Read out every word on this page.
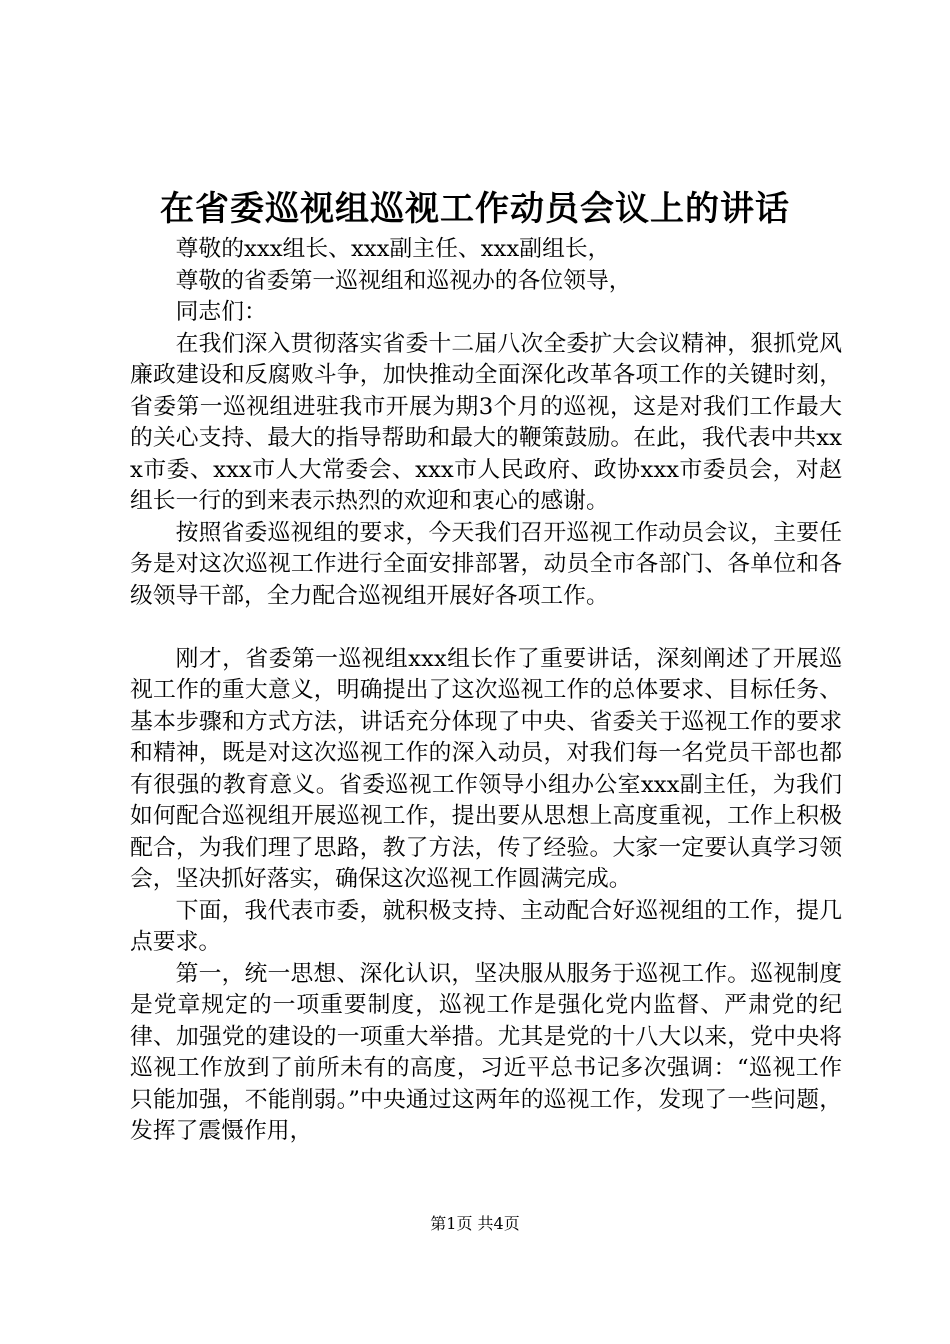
在省委巡视组巡视工作动员会议上的讲话

尊敬的xxx组长、xxx副主任、xxx副组长，

尊敬的省委第一巡视组和巡视办的各位领导，

同志们：

在我们深入贯彻落实省委十二届八次全委扩大会议精神，狠抓党风廉政建设和反腐败斗争，加快推动全面深化改革各项工作的关键时刻，省委第一巡视组进驻我市开展为期3个月的巡视，这是对我们工作最大的关心支持、最大的指导帮助和最大的鞭策鼓励。在此，我代表中共xxx市委、xxx市人大常委会、xxx市人民政府、政协xxx市委员会，对赵组长一行的到来表示热烈的欢迎和衷心的感谢。

按照省委巡视组的要求，今天我们召开巡视工作动员会议，主要任务是对这次巡视工作进行全面安排部署，动员全市各部门、各单位和各级领导干部，全力配合巡视组开展好各项工作。

刚才，省委第一巡视组xxx组长作了重要讲话，深刻阐述了开展巡视工作的重大意义，明确提出了这次巡视工作的总体要求、目标任务、基本步骤和方式方法，讲话充分体现了中央、省委关于巡视工作的要求和精神，既是对这次巡视工作的深入动员，对我们每一名党员干部也都有很强的教育意义。省委巡视工作领导小组办公室xxx副主任，为我们如何配合巡视组开展巡视工作，提出要从思想上高度重视，工作上积极配合，为我们理了思路，教了方法，传了经验。大家一定要认真学习领会，坚决抓好落实，确保这次巡视工作圆满完成。

下面，我代表市委，就积极支持、主动配合好巡视组的工作，提几点要求。

第一，统一思想、深化认识，坚决服从服务于巡视工作。巡视制度是党章规定的一项重要制度，巡视工作是强化党内监督、严肃党的纪律、加强党的建设的一项重大举措。尤其是党的十八大以来，党中央将巡视工作放到了前所未有的高度，习近平总书记多次强调：“巡视工作只能加强，不能削弱。”中央通过这两年的巡视工作，发现了一些问题，发挥了震慑作用，

第1页 共4页
